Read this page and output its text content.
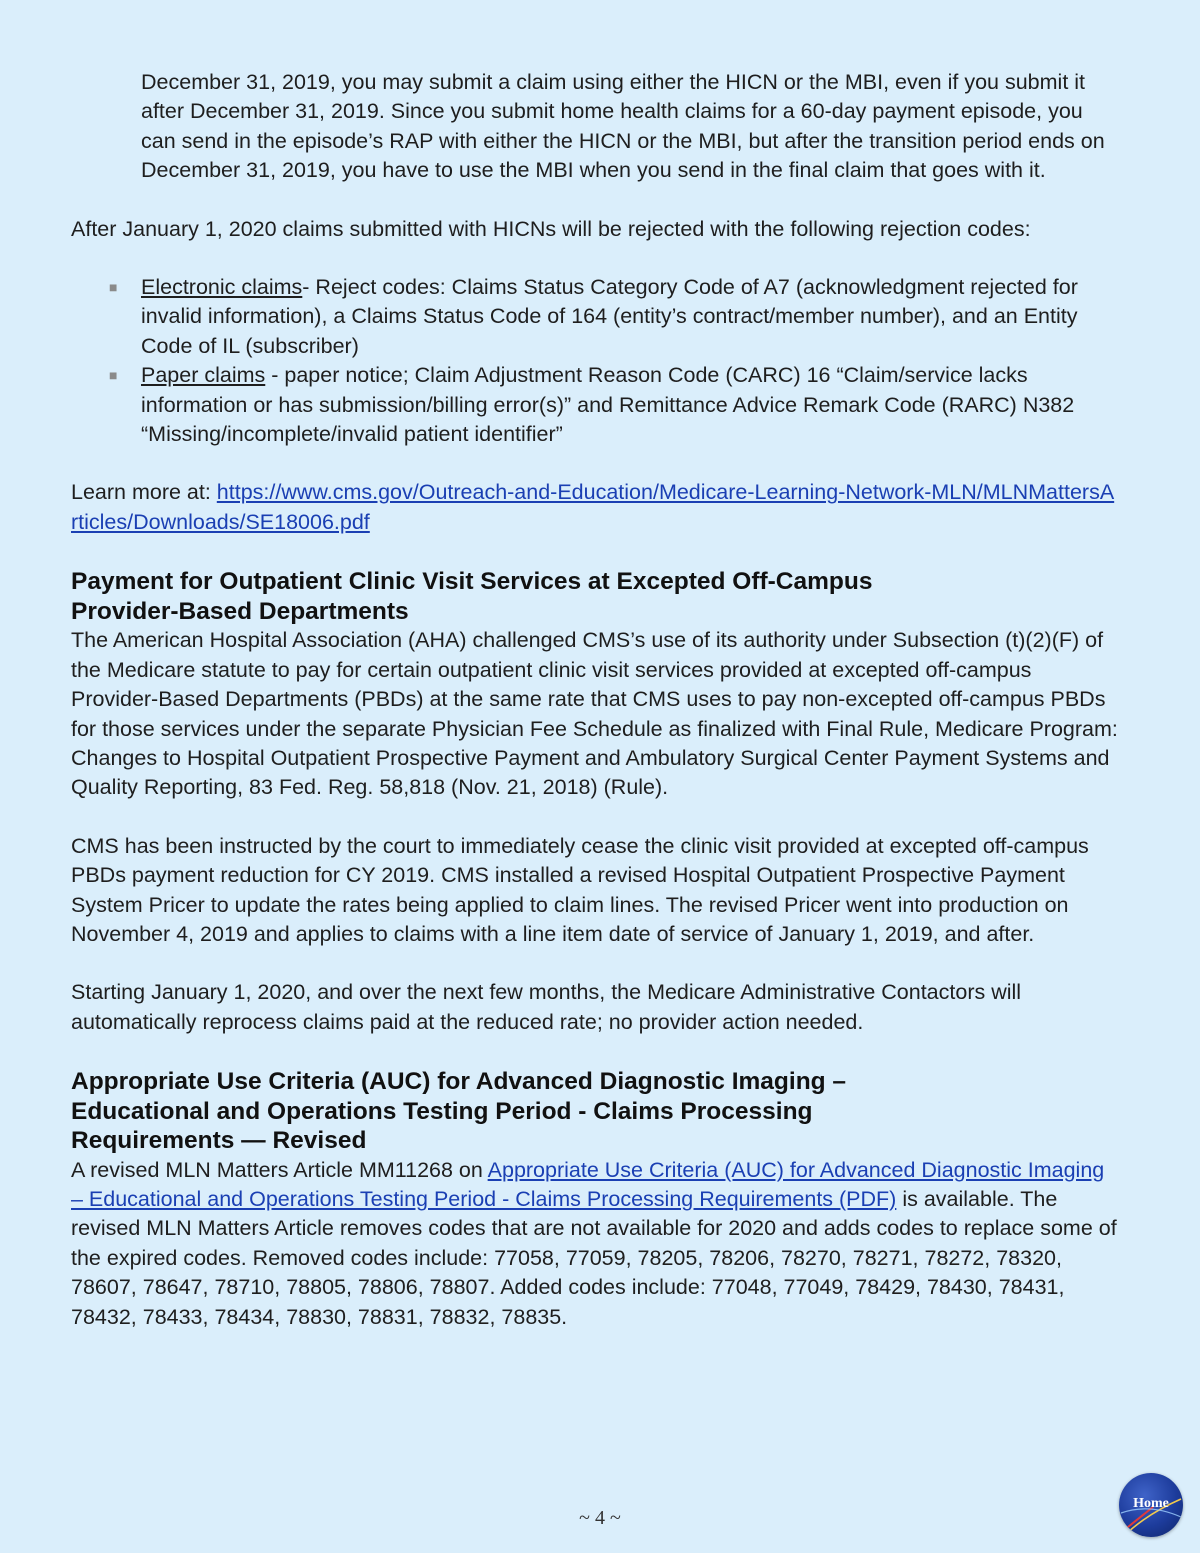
December 31, 2019, you may submit a claim using either the HICN or the MBI, even if you submit it after December 31, 2019. Since you submit home health claims for a 60-day payment episode, you can send in the episode’s RAP with either the HICN or the MBI, but after the transition period ends on December 31, 2019, you have to use the MBI when you send in the final claim that goes with it.

After January 1, 2020 claims submitted with HICNs will be rejected with the following rejection codes:

■ Electronic claims- Reject codes: Claims Status Category Code of A7 (acknowledgment rejected for invalid information), a Claims Status Code of 164 (entity’s contract/member number), and an Entity Code of IL (subscriber)
■ Paper claims - paper notice; Claim Adjustment Reason Code (CARC) 16 “Claim/service lacks information or has submission/billing error(s)” and Remittance Advice Remark Code (RARC) N382 “Missing/incomplete/invalid patient identifier”

Learn more at: https://www.cms.gov/Outreach-and-Education/Medicare-Learning-Network-MLN/MLNMattersArticles/Downloads/SE18006.pdf

Payment for Outpatient Clinic Visit Services at Excepted Off-Campus
Provider-Based Departments

The American Hospital Association (AHA) challenged CMS’s use of its authority under Subsection (t)(2)(F) of the Medicare statute to pay for certain outpatient clinic visit services provided at excepted off-campus Provider-Based Departments (PBDs) at the same rate that CMS uses to pay non-excepted off-campus PBDs for those services under the separate Physician Fee Schedule as finalized with Final Rule, Medicare Program: Changes to Hospital Outpatient Prospective Payment and Ambulatory Surgical Center Payment Systems and Quality Reporting, 83 Fed. Reg. 58,818 (Nov. 21, 2018) (Rule).

CMS has been instructed by the court to immediately cease the clinic visit provided at excepted off-campus PBDs payment reduction for CY 2019. CMS installed a revised Hospital Outpatient Prospective Payment System Pricer to update the rates being applied to claim lines. The revised Pricer went into production on November 4, 2019 and applies to claims with a line item date of service of January 1, 2019, and after.

Starting January 1, 2020, and over the next few months, the Medicare Administrative Contactors will automatically reprocess claims paid at the reduced rate; no provider action needed.

Appropriate Use Criteria (AUC) for Advanced Diagnostic Imaging –
Educational and Operations Testing Period - Claims Processing
Requirements — Revised

A revised MLN Matters Article MM11268 on Appropriate Use Criteria (AUC) for Advanced Diagnostic Imaging – Educational and Operations Testing Period - Claims Processing Requirements (PDF) is available. The revised MLN Matters Article removes codes that are not available for 2020 and adds codes to replace some of the expired codes. Removed codes include: 77058, 77059, 78205, 78206, 78270, 78271, 78272, 78320, 78607, 78647, 78710, 78805, 78806, 78807. Added codes include: 77048, 77049, 78429, 78430, 78431, 78432, 78433, 78434, 78830, 78831, 78832, 78835.

~ 4 ~
Home
